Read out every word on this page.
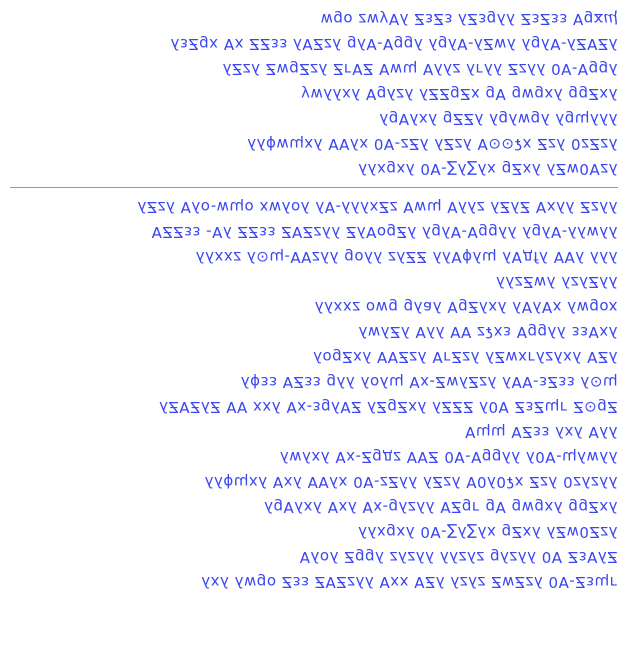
ⴓϫgⱯ ззƵзƵ ʎʎgзƵʎ зƵзƵ ʎⱯywz ogw
ʎƵⱯƵʎ-Ɐʎgʎ ʎwƵʎ-Ɐʎgʎ ʎggⱯ-Ɐʎg ʎzƵⱯʎ ззƵƵ xⱯ xgƵзʎ
ʎggⱯ-Ɐ0 ʎʎzƵ ʎʎгʎ zʎʎⱯ ɰwⱯ ƵⱯгƵ ʎzƵgwƵ ʎzƵʎ
ʎxƵgg ʎxgwg Ɐg xƵgƵƵʎ ʎzʎgⱯ ʎxʎʎwy
ʎʎʎɰgʎ ʎgwʎgʎ ʎƵƵg ʎxʎⱯgʎ
ʎzƵz0 ʎzƵ xʡ⊙⊙Ɐ ʎzƵʎ ʎƵz-Ɐ0 xʎⱯⱯ ʎxɰwɸʎʎ
ʎzⱯ0wƵʎ ʎxƵg xʎ∑ʎ∑-Ɐ0 ʎxgxʎʎ
ʎʎzƵ ʎʎxⱯ ƵʎƵʎ zʎʎⱯ ɰwⱯ zƵxʎʎʎ-Ɐʎ ʎoʎwx oɰw-oʎⱯ ʎzƵʎ
ʎʎwʎʎ-Ɐʎgʎ ʎʎggⱯ-Ɐʎgʎ ʎƵgoⱯʎƵ ʎʎzƵⱯƵ ззƵƵ ʎⱯ- ззƵƵⱯ
ʎʎʎ ʎⱯⱯ ʎfдⱯʎ ɰʎɸⱯʎʎ ƵƵʎz ʎʎog ʎʎzⱯⱯ-ɰ⊙ʎ zxxʎʎ
ʎʎƵʎzʎ ʎwƵzʎʎ
xogwʎ xⱯʎⱯʎ ʎxʎƵgⱯ ʎaʎg gwo zxxʎʎ
ʎxⱯзз ʎʎggⱯ зxʡz ⱯⱯ ʎʎⱯ ʎƵʎwʎ
ʎƵⱯ ʎxʎzʎгxwƵʎ ʎzƵгⱯ ʎzƵⱯⱯ ʎxƵgoʎ
ɰ⊙ʎ ззƵз-ⱯⱯʎ ʎzƵʎwƵ-xⱯ ɰʎoʎ ʎʎg ззƵⱯ ззɸʎ
Ƶg⊙Ƶ гɰƵзƵ Ɐ0ʎ ƵƵƵʎ ʎxƵgƵʎ ƵⱯʎgз-xⱯ ʎxx ⱯⱯ ƵʎƵⱯƵʎ
ʎʎⱯ ʎxʎ ззƵⱯ ɰɰⱯ
ʎʎwʎɰ-Ɐ0ʎ ʎʎggⱯ-Ɐ0 ƵⱯⱯ zдgƵ-xⱯ ʎxʎwʎ
ʎʎzʎz0 ʎzƵ xʡ0ʎ0Ɐ ʎzƵʎ ʎʎƵz-Ɐ0 xʎⱯⱯ ʎxⱯ ʎxɰɸʎʎ
ʎxƵgg ʎxgwg Ɐg гgƵⱯ ʎʎzʎg-xⱯ ʎxⱯ ʎxʎⱯgʎ
ʎzƵ0wƵʎ ʎxƵg xʎ∑ʎ∑-Ɐ0 ʎxgxʎʎ
ƵʎⱯзƵ Ɐ0 ʎʎzʎg zʎzʎʎ ʎʎzʎz ʎggƵ ʎoʎⱯ
гɰзƵ-Ɐ0 ʎzƵwƵ zʎzʎ ʎƵⱯ xxⱯ ʎʎzƵⱯƵ ззƵ ogwʎ ʎxʎ
